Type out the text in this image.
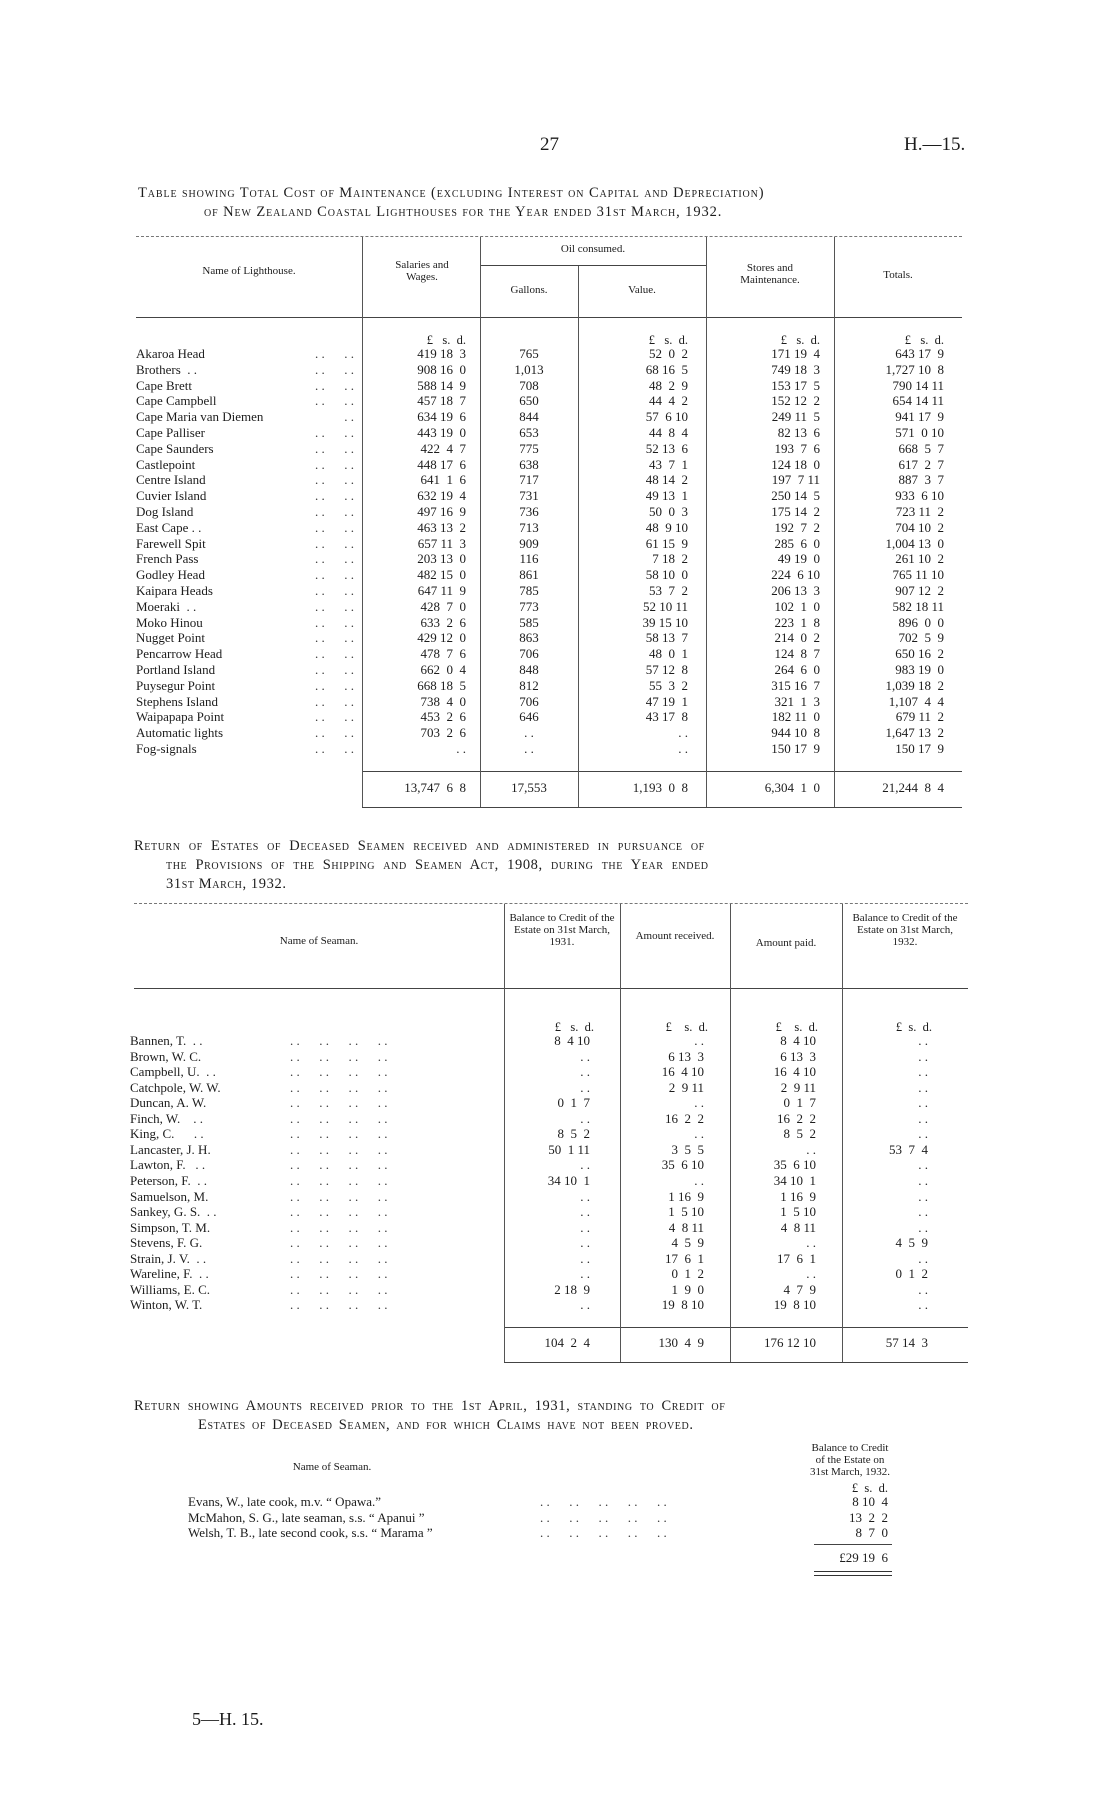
27	H.—15.
Table showing Total Cost of Maintenance (excluding Interest on Capital and Depreciation)
of New Zealand Coastal Lighthouses for the Year ended 31st March, 1932.
Name of Lighthouse.	Salaries and Wages.
Oil consumed.
Gallons.	Value.
Stores and Maintenance.	Totals.
£   s.  d.	£   s.  d.	£   s.  d.	£   s.  d.
Akaroa Head	. .      . .	419 18  3	765	52  0  2	171 19  4	643 17  9
Brothers  . .	. .      . .	908 16  0	1,013	68 16  5	749 18  3	1,727 10  8
Cape Brett	. .      . .	588 14  9	708	48  2  9	153 17  5	790 14 11
Cape Campbell	. .      . .	457 18  7	650	44  4  2	152 12  2	654 14 11
Cape Maria van Diemen	. .	634 19  6	844	57  6 10	249 11  5	941 17  9
Cape Palliser	. .      . .	443 19  0	653	44  8  4	82 13  6	571  0 10
Cape Saunders	. .      . .	422  4  7	775	52 13  6	193  7  6	668  5  7
Castlepoint	. .      . .	448 17  6	638	43  7  1	124 18  0	617  2  7
Centre Island	. .      . .	641  1  6	717	48 14  2	197  7 11	887  3  7
Cuvier Island	. .      . .	632 19  4	731	49 13  1	250 14  5	933  6 10
Dog Island	. .      . .	497 16  9	736	50  0  3	175 14  2	723 11  2
East Cape . .	. .      . .	463 13  2	713	48  9 10	192  7  2	704 10  2
Farewell Spit	. .      . .	657 11  3	909	61 15  9	285  6  0	1,004 13  0
French Pass	. .      . .	203 13  0	116	7 18  2	49 19  0	261 10  2
Godley Head	. .      . .	482 15  0	861	58 10  0	224  6 10	765 11 10
Kaipara Heads	. .      . .	647 11  9	785	53  7  2	206 13  3	907 12  2
Moeraki  . .	. .      . .	428  7  0	773	52 10 11	102  1  0	582 18 11
Moko Hinou	. .      . .	633  2  6	585	39 15 10	223  1  8	896  0  0
Nugget Point	. .      . .	429 12  0	863	58 13  7	214  0  2	702  5  9
Pencarrow Head	. .      . .	478  7  6	706	48  0  1	124  8  7	650 16  2
Portland Island	. .      . .	662  0  4	848	57 12  8	264  6  0	983 19  0
Puysegur Point	. .      . .	668 18  5	812	55  3  2	315 16  7	1,039 18  2
Stephens Island	. .      . .	738  4  0	706	47 19  1	321  1  3	1,107  4  4
Waipapapa Point	. .      . .	453  2  6	646	43 17  8	182 11  0	679 11  2
Automatic lights	. .      . .	703  2  6	. .	. .	944 10  8	1,647 13  2
Fog-signals	. .      . .	. .	. .	. .	150 17  9	150 17  9
13,747  6  8	17,553	1,193  0  8	6,304  1  0	21,244  8  4
Return of Estates of Deceased Seamen received and administered in pursuance of
the Provisions of the Shipping and Seamen Act, 1908, during the Year ended
31st March, 1932.
Name of Seaman.
Balance to Credit of the Estate on 31st March, 1931.	Amount received.
Amount paid.
Balance to Credit of the Estate on 31st March, 1932.
£   s.  d.	£    s.  d.	£    s.  d.	£  s.  d.
Bannen, T.  . .	. .      . .      . .      . .	8  4 10	. .	8  4 10	. .
Brown, W. C.	. .      . .      . .      . .	. .	6 13  3	6 13  3	. .
Campbell, U.  . .	. .      . .      . .      . .	. .	16  4 10	16  4 10	. .
Catchpole, W. W.	. .      . .      . .      . .	. .	2  9 11	2  9 11	. .
Duncan, A. W.	. .      . .      . .      . .	0  1  7	. .	0  1  7	. .
Finch, W.    . .	. .      . .      . .      . .	. .	16  2  2	16  2  2	. .
King, C.      . .	. .      . .      . .      . .	8  5  2	. .	8  5  2	. .
Lancaster, J. H.	. .      . .      . .      . .	50  1 11	3  5  5	. .	53  7  4
Lawton, F.   . .	. .      . .      . .      . .	. .	35  6 10	35  6 10	. .
Peterson, F.  . .	. .      . .      . .      . .	34 10  1	. .	34 10  1	. .
Samuelson, M.	. .      . .      . .      . .	. .	1 16  9	1 16  9	. .
Sankey, G. S.  . .	. .      . .      . .      . .	. .	1  5 10	1  5 10	. .
Simpson, T. M.	. .      . .      . .      . .	. .	4  8 11	4  8 11	. .
Stevens, F. G.	. .      . .      . .      . .	. .	4  5  9	. .	4  5  9
Strain, J. V.  . .	. .      . .      . .      . .	. .	17  6  1	17  6  1	. .
Wareline, F.  . .	. .      . .      . .      . .	. .	0  1  2	. .	0  1  2
Williams, E. C.	. .      . .      . .      . .	2 18  9	1  9  0	4  7  9	. .
Winton, W. T.	. .      . .      . .      . .	. .	19  8 10	19  8 10	. .
104  2  4	130  4  9	176 12 10	57 14  3
Return showing Amounts received prior to the 1st April, 1931, standing to Credit of
Estates of Deceased Seamen, and for which Claims have not been proved.
Name of Seaman.
Balance to Credit
of the Estate on
31st March, 1932.
£  s.  d.
Evans, W., late cook, m.v. “ Opawa.”	. .      . .      . .      . .      . .	8 10  4
McMahon, S. G., late seaman, s.s. “ Apanui ”	. .      . .      . .      . .      . .	13  2  2
Welsh, T. B., late second cook, s.s. “ Marama ”	. .      . .      . .      . .      . .	8  7  0
£29 19  6
5—H. 15.
